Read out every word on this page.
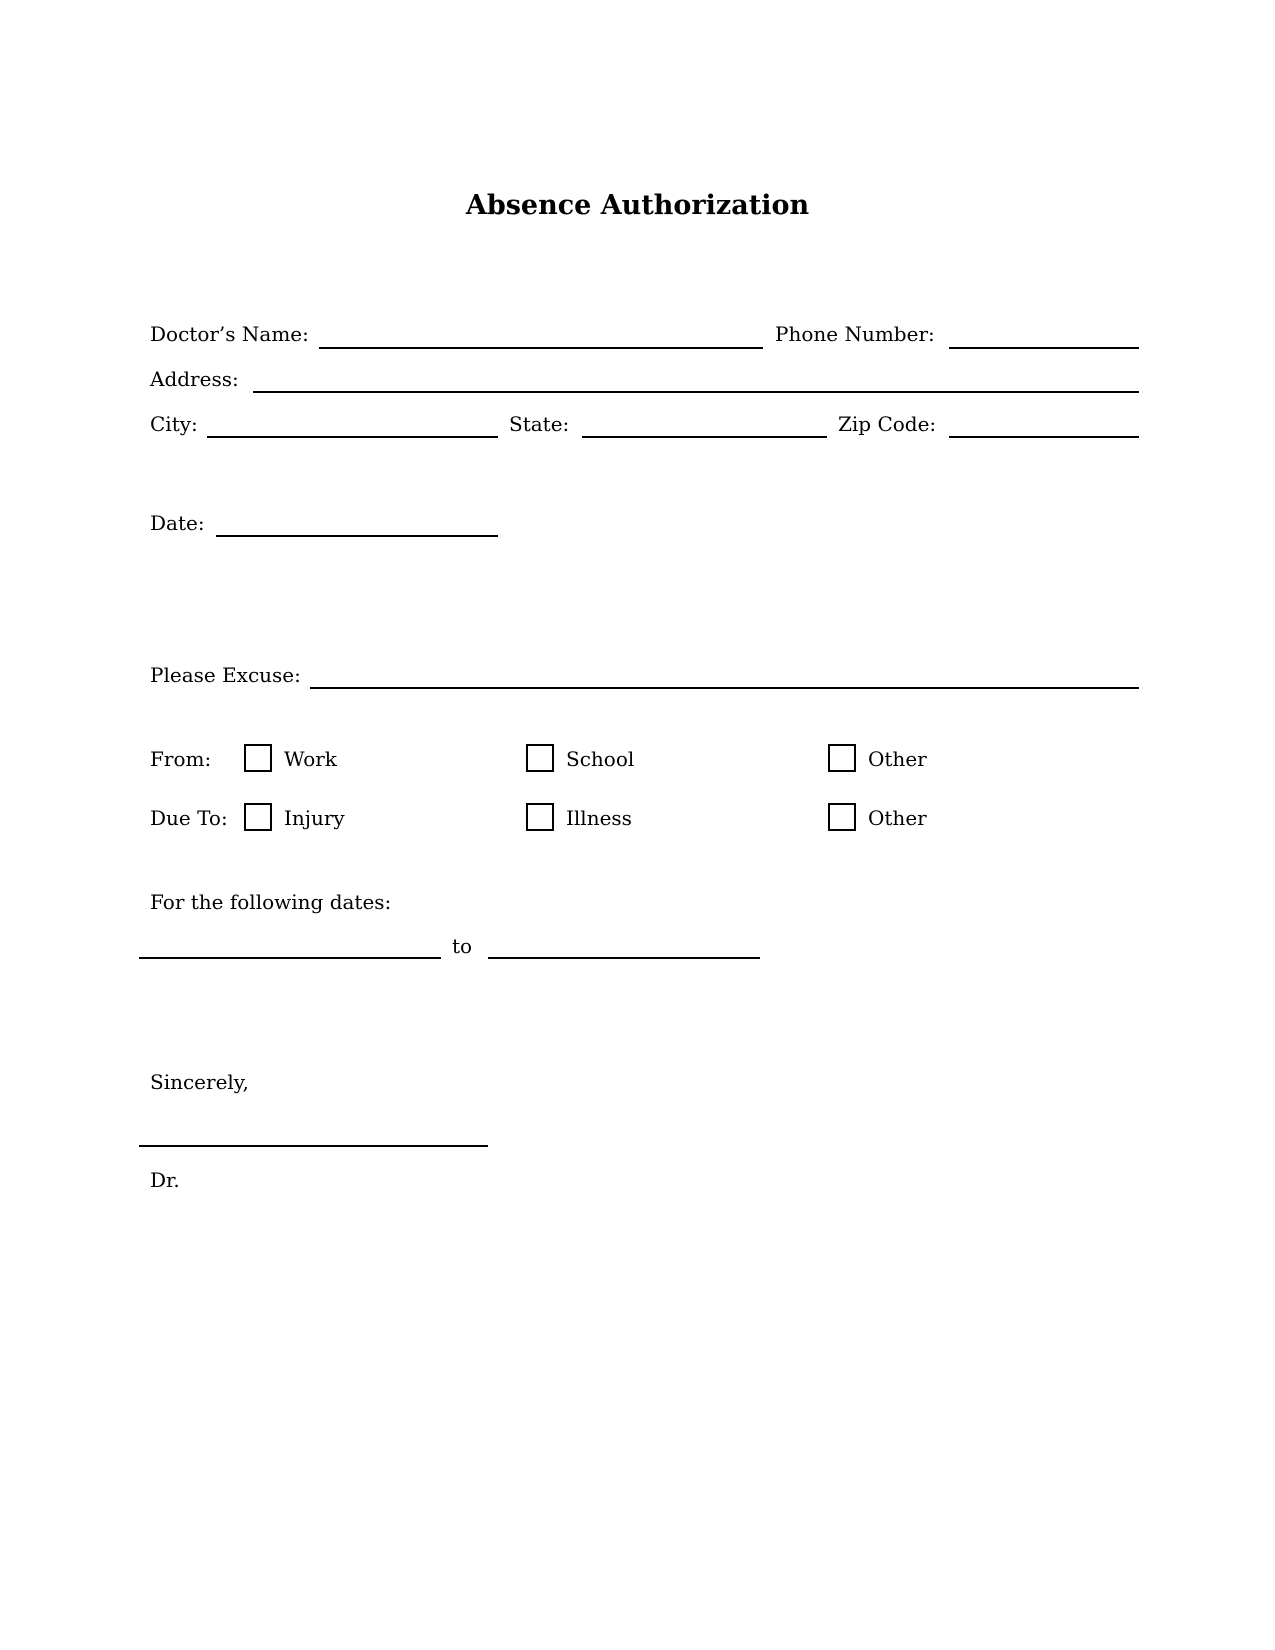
Absence Authorization
Doctor’s Name:	Phone Number:
Address:
City:	State:	Zip Code:
Date:
Please Excuse:
From:	Work	School	Other
Due To:	Injury	Illness	Other
For the following dates:
to
Sincerely,
Dr.
